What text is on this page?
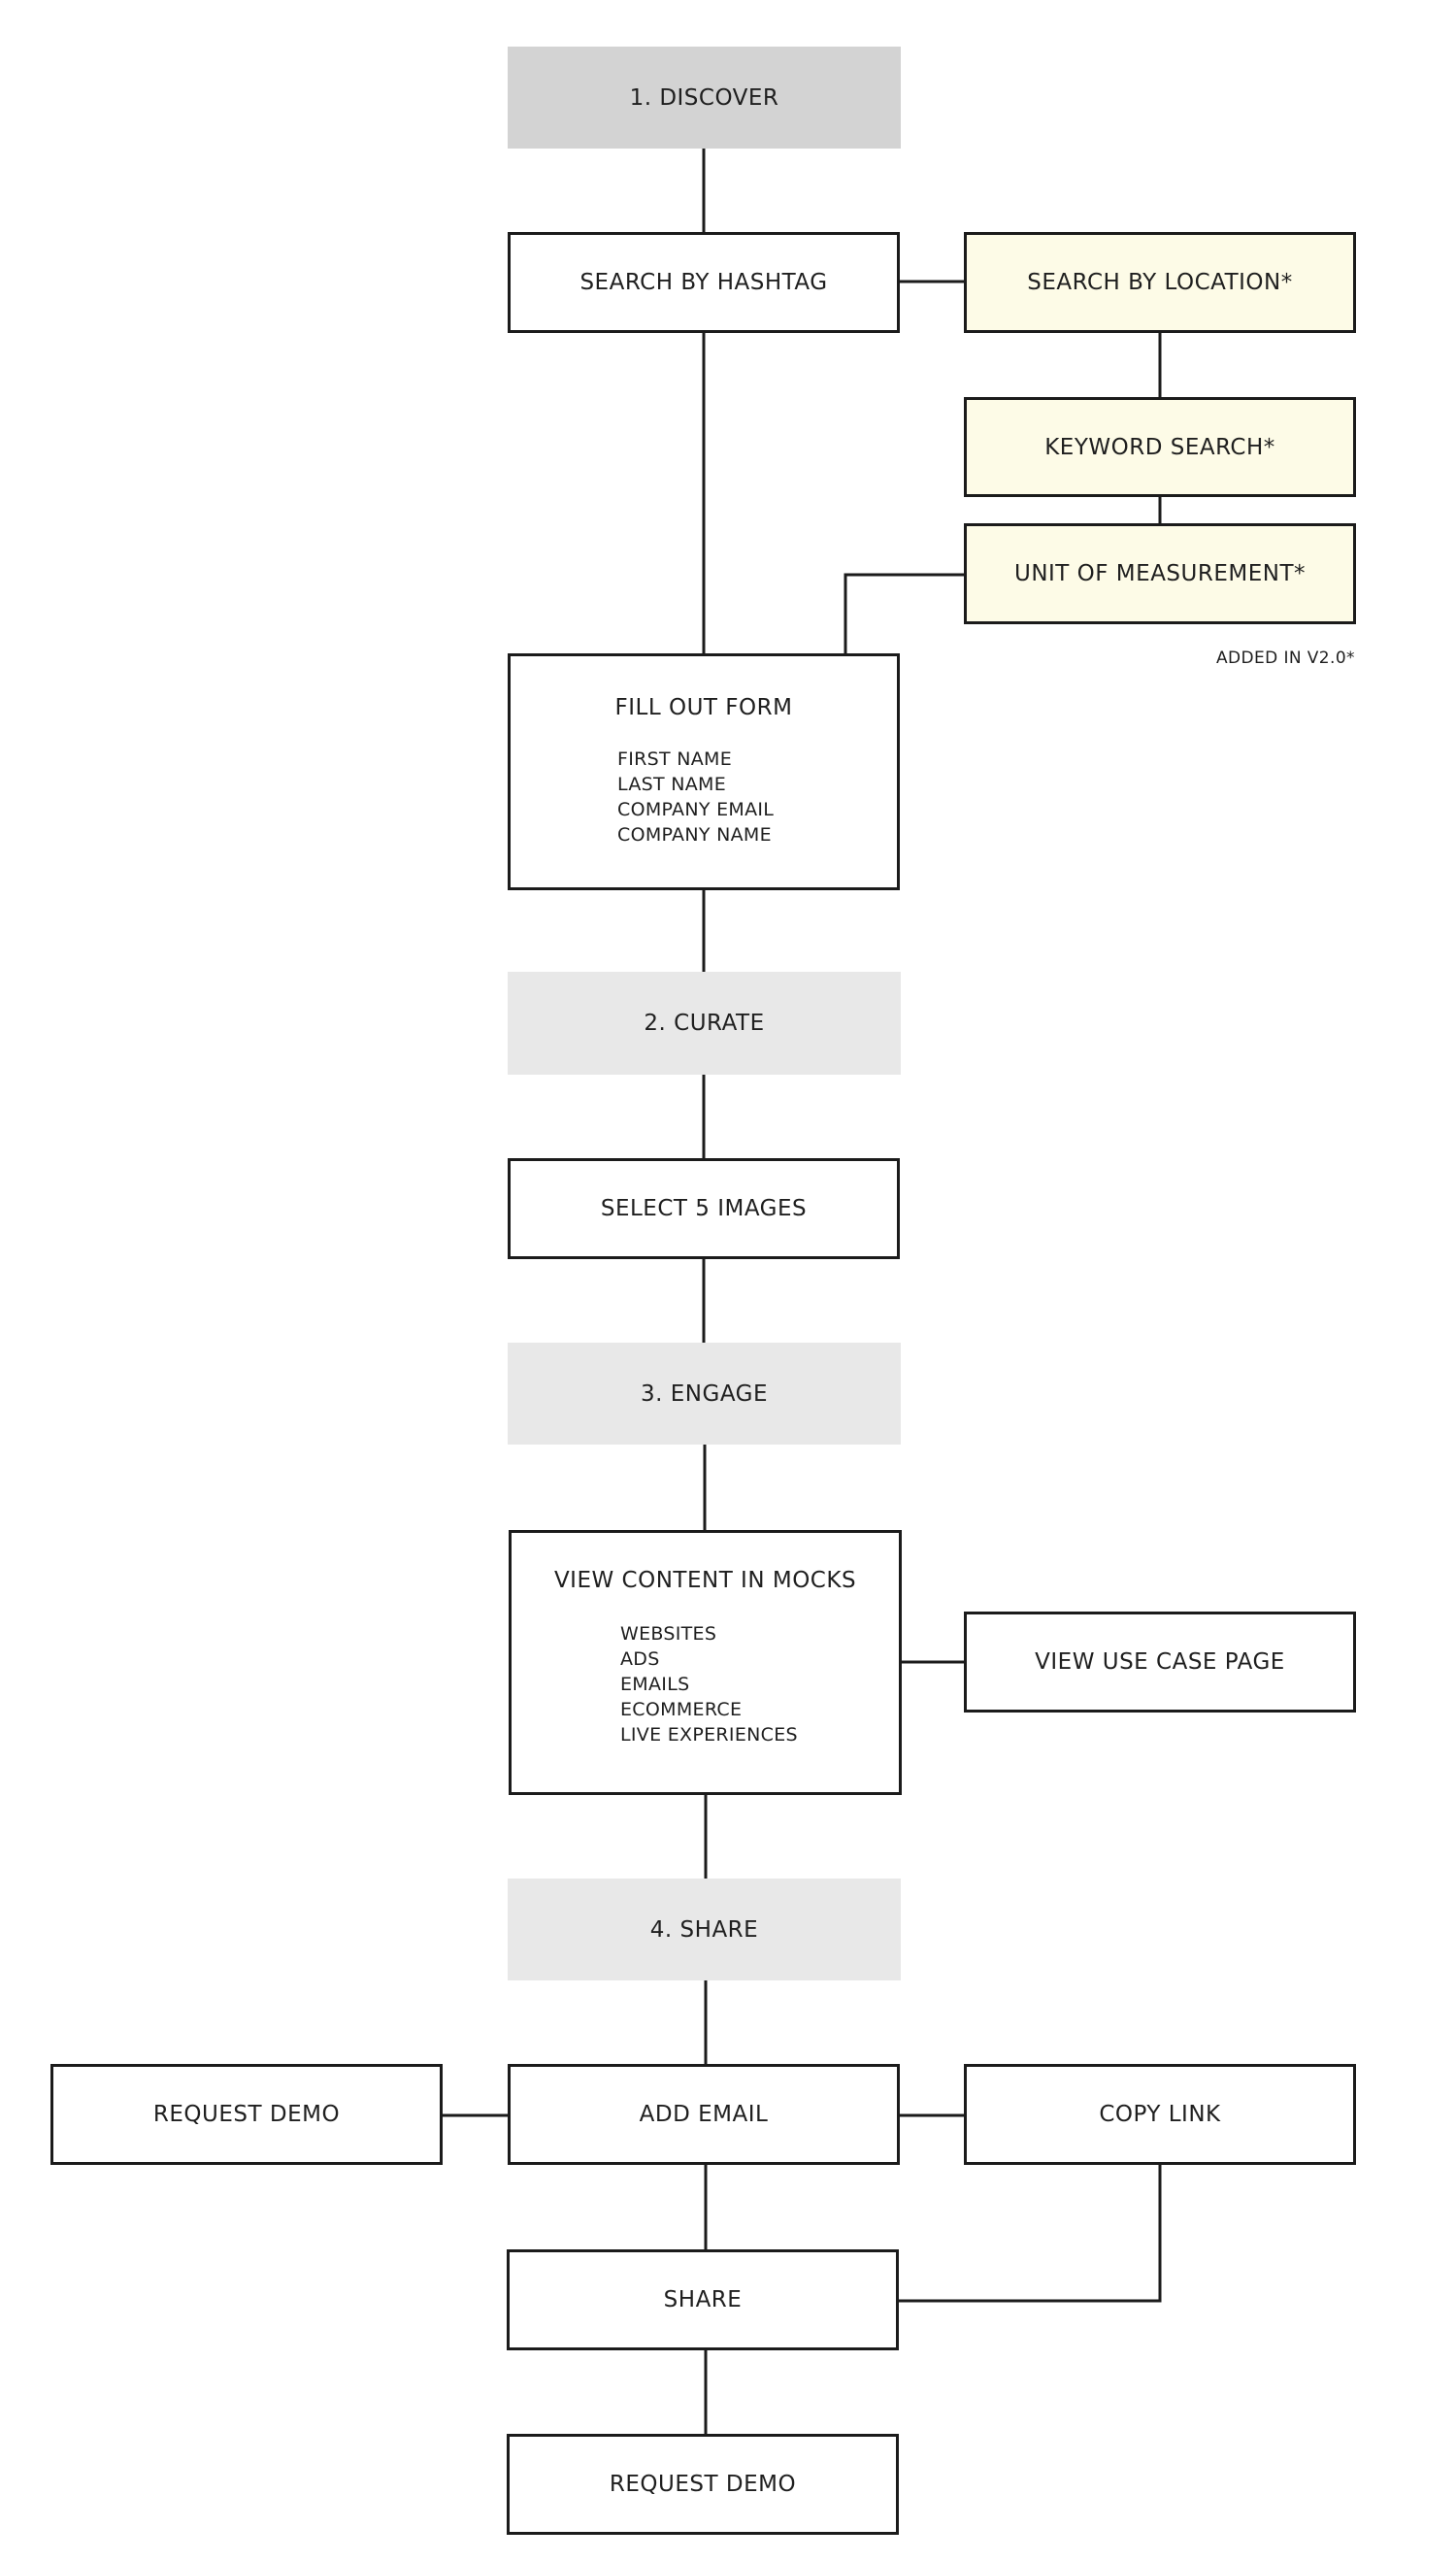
1. DISCOVER
2. CURATE
3. ENGAGE
4. SHARE
SEARCH BY HASHTAG	SEARCH BY LOCATION*
KEYWORD SEARCH*
UNIT OF MEASUREMENT*
ADDED IN V2.0*
FILL OUT FORM
FIRST NAME
LAST NAME
COMPANY EMAIL
COMPANY NAME
SELECT 5 IMAGES
VIEW CONTENT IN MOCKS
WEBSITES
ADS
EMAILS
ECOMMERCE
LIVE EXPERIENCES
VIEW USE CASE PAGE
REQUEST DEMO	ADD EMAIL	COPY LINK
SHARE
REQUEST DEMO
